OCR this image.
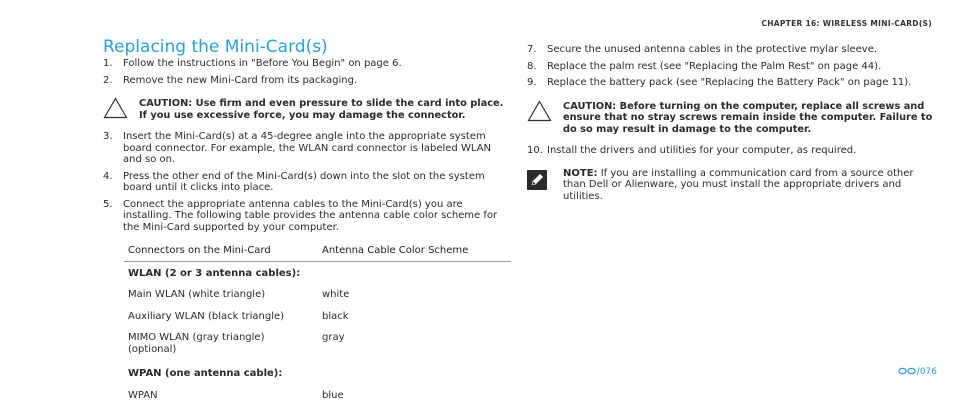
CHAPTER 16: WIRELESS MINI-CARD(S)
Replacing the Mini-Card(s)
1. Follow the instructions in "Before You Begin" on page 6.
2. Remove the new Mini-Card from its packaging.
CAUTION: Use firm and even pressure to slide the card into place. If you use excessive force, you may damage the connector.
3. Insert the Mini-Card(s) at a 45-degree angle into the appropriate system board connector. For example, the WLAN card connector is labeled WLAN and so on.
4. Press the other end of the Mini-Card(s) down into the slot on the system board until it clicks into place.
5. Connect the appropriate antenna cables to the Mini-Card(s) you are installing. The following table provides the antenna cable color scheme for the Mini-Card supported by your computer.
Connectors on the Mini-Card	Antenna Cable Color Scheme
WLAN (2 or 3 antenna cables):	
Main WLAN (white triangle)	white
Auxiliary WLAN (black triangle)	black
MIMO WLAN (gray triangle) (optional)	gray
WPAN (one antenna cable):	
WPAN	blue
7. Secure the unused antenna cables in the protective mylar sleeve.
8. Replace the palm rest (see "Replacing the Palm Rest" on page 44).
9. Replace the battery pack (see "Replacing the Battery Pack" on page 11).
CAUTION: Before turning on the computer, replace all screws and ensure that no stray screws remain inside the computer. Failure to do so may result in damage to the computer.
10. Install the drivers and utilities for your computer, as required.
NOTE: If you are installing a communication card from a source other than Dell or Alienware, you must install the appropriate drivers and utilities.
/076
